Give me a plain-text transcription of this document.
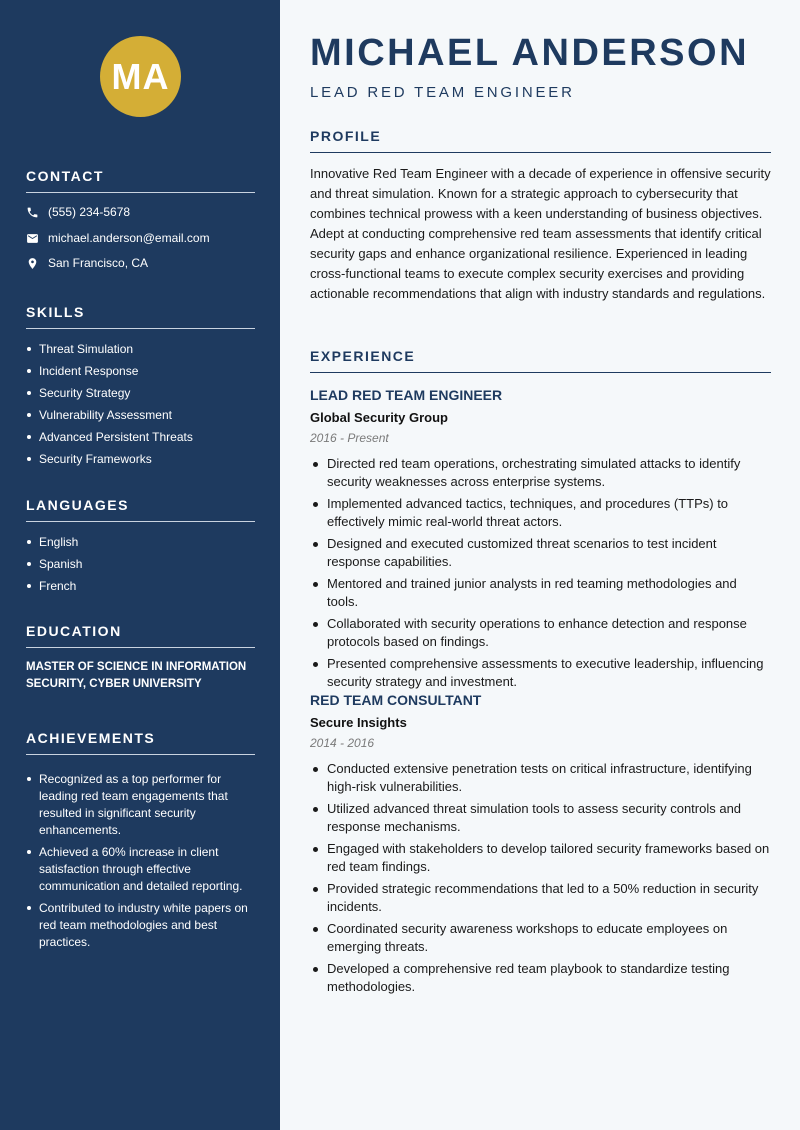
MA
CONTACT
(555) 234-5678
michael.anderson@email.com
San Francisco, CA
SKILLS
Threat Simulation
Incident Response
Security Strategy
Vulnerability Assessment
Advanced Persistent Threats
Security Frameworks
LANGUAGES
English
Spanish
French
EDUCATION
MASTER OF SCIENCE IN INFORMATION SECURITY, CYBER UNIVERSITY
ACHIEVEMENTS
Recognized as a top performer for leading red team engagements that resulted in significant security enhancements.
Achieved a 60% increase in client satisfaction through effective communication and detailed reporting.
Contributed to industry white papers on red team methodologies and best practices.
MICHAEL ANDERSON
LEAD RED TEAM ENGINEER
PROFILE

Innovative Red Team Engineer with a decade of experience in offensive security and threat simulation. Known for a strategic approach to cybersecurity that combines technical prowess with a keen understanding of business objectives. Adept at conducting comprehensive red team assessments that identify critical security gaps and enhance organizational resilience. Experienced in leading cross-functional teams to execute complex security exercises and providing actionable recommendations that align with industry standards and regulations.

EXPERIENCE
LEAD RED TEAM ENGINEER
Global Security Group
2016 - Present
Directed red team operations, orchestrating simulated attacks to identify security weaknesses across enterprise systems.
Implemented advanced tactics, techniques, and procedures (TTPs) to effectively mimic real-world threat actors.
Designed and executed customized threat scenarios to test incident response capabilities.
Mentored and trained junior analysts in red teaming methodologies and tools.
Collaborated with security operations to enhance detection and response protocols based on findings.
Presented comprehensive assessments to executive leadership, influencing security strategy and investment.
RED TEAM CONSULTANT
Secure Insights
2014 - 2016
Conducted extensive penetration tests on critical infrastructure, identifying high-risk vulnerabilities.
Utilized advanced threat simulation tools to assess security controls and response mechanisms.
Engaged with stakeholders to develop tailored security frameworks based on red team findings.
Provided strategic recommendations that led to a 50% reduction in security incidents.
Coordinated security awareness workshops to educate employees on emerging threats.
Developed a comprehensive red team playbook to standardize testing methodologies.
